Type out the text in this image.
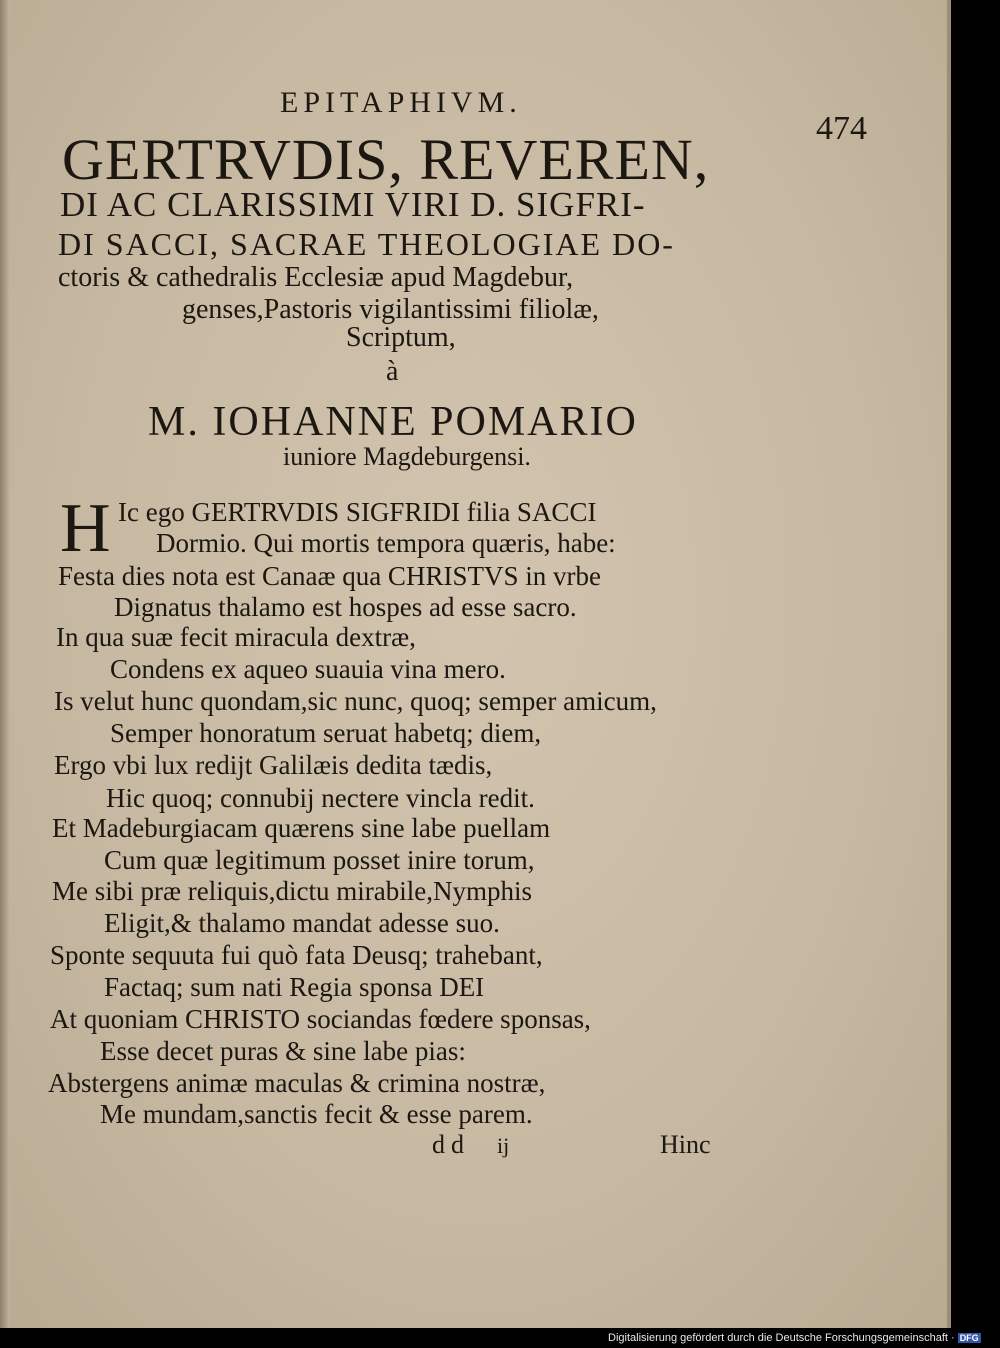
EPITAPHIVM.
474
GERTRVDIS, REVEREN,
DI AC CLARISSIMI VIRI D. SIGFRI-
DI SACCI, SACRAE THEOLOGIAE DO-
ctoris & cathedralis Ecclesiæ apud Magdebur,
genses,Pastoris vigilantissimi filiolæ,
Scriptum,
à
M. IOHANNE POMARIO
iuniore Magdeburgensi.
H Ic ego GERTRVDIS SIGFRIDI filia SACCI
Dormio. Qui mortis tempora quæris, habe:
Festa dies nota est Canaæ qua CHRISTVS in vrbe
Dignatus thalamo est hospes ad esse sacro.
In qua suæ fecit miracula dextræ,
Condens ex aqueo suauia vina mero.
Is velut hunc quondam,sic nunc, quoq; semper amicum,
Semper honoratum seruat habetq; diem,
Ergo vbi lux redijt Galilæis dedita tædis,
Hic quoq; connubij nectere vincla redit.
Et Madeburgiacam quærens sine labe puellam
Cum quæ legitimum posset inire torum,
Me sibi præ reliquis,dictu mirabile,Nymphis
Eligit,& thalamo mandat adesse suo.
Sponte sequuta fui quò fata Deusq; trahebant,
Factaq; sum nati Regia sponsa DEI
At quoniam CHRISTO sociandas fœdere sponsas,
Esse decet puras & sine labe pias:
Abstergens animæ maculas & crimina nostræ,
Me mundam,sanctis fecit & esse parem.
dd ij	Hinc
Digitalisierung gefördert durch die Deutsche Forschungsgemeinschaft · DFG
